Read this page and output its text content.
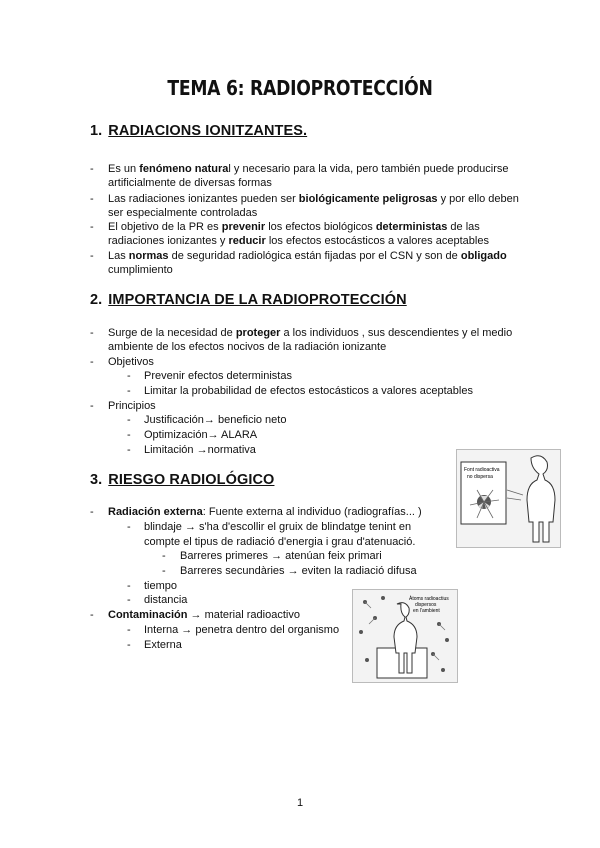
TEMA 6: RADIOPROTECCIÓN
1. RADIACIONS IONITZANTES.
- Es un fenómeno natural y necesario para la vida, pero también puede producirse
artificialmente de diversas formas
- Las radiaciones ionizantes pueden ser biológicamente peligrosas y por ello deben
ser especialmente controladas
- El objetivo de la PR es prevenir los efectos biológicos deterministas de las
radiaciones ionizantes y reducir los efectos estocásticos a valores aceptables
- Las normas de seguridad radiológica están fijadas por el CSN y son de obligado
cumplimiento
2. IMPORTANCIA DE LA RADIOPROTECCIÓN
- Surge de la necesidad de proteger a los individuos , sus descendientes y el medio
ambiente de los efectos nocivos de la radiación ionizante
- Objetivos
- Prevenir efectos deterministas
- Limitar la probabilidad de efectos estocásticos a valores aceptables
- Principios
- Justificación→ beneficio neto
- Optimización→ ALARA
- Limitación →normativa
3. RIESGO RADIOLÓGICO
- Radiación externa: Fuente externa al individuo (radiografías... )
- blindaje → s'ha d'escollir el gruix de blindatge tenint en
compte el tipus de radiació d'energia i grau d'atenuació.
- Barreres primeres → atenúan feix primari
- Barreres secundàries → eviten la radiació difusa
- tiempo
- distancia
- Contaminación → material radioactivo
- Interna → penetra dentro del organismo
- Externa
Font radioactiva
no dispersa
Àtoms radioactius
dispersos
en l'ambient
1
